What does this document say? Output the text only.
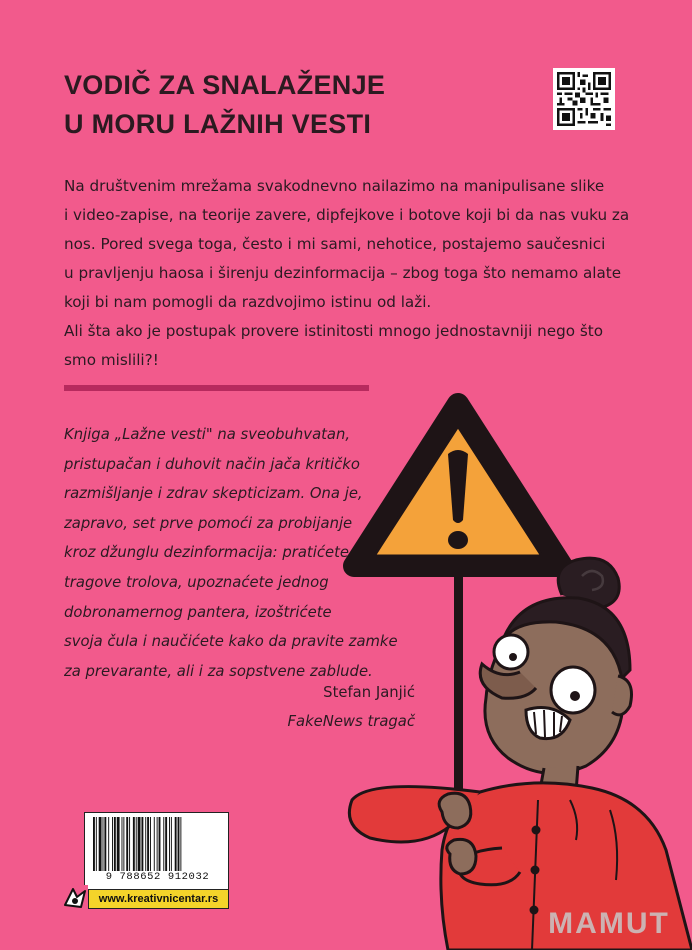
VODIČ ZA SNALAŽENJE
U MORU LAŽNIH VESTI

Na društvenim mrežama svakodnevno nailazimo na manipulisane slike

i video-zapise, na teorije zavere, dipfejkove i botove koji bi da nas vuku za

nos. Pored svega toga, često i mi sami, nehotice, postajemo saučesnici

u pravljenju haosa i širenju dezinformacija – zbog toga što nemamo alate

koji bi nam pomogli da razdvojimo istinu od laži.

Ali šta ako je postupak provere istinitosti mnogo jednostavniji nego što

smo mislili?!

Knjiga „Lažne vesti" na sveobuhvatan,

pristupačan i duhovit način jača kritičko

razmišljanje i zdrav skepticizam. Ona je,

zapravo, set prve pomoći za probijanje

kroz džunglu dezinformacija: pratićete

tragove trolova, upoznaćete jednog

dobronamernog pantera, izoštrićete

svoja čula i naučićete kako da pravite zamke

za prevarante, ali i za sopstvene zablude.

Stefan Janjić
FakeNews tragač
9 788652 912032
www.kreativnicentar.rs
MAMUT
